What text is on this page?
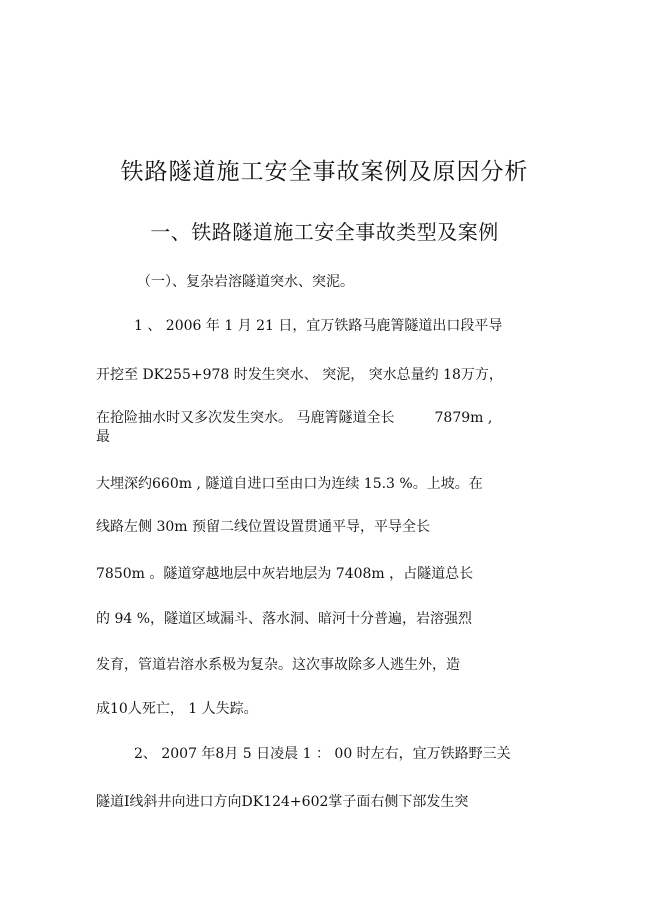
铁路隧道施工安全事故案例及原因分析
一、铁路隧道施工安全事故类型及案例
（一）、复杂岩溶隧道突水、突泥。
1 、 2006 年 1 月 21 日，宜万铁路马鹿箐隧道出口段平导
开挖至 DK255+978 时发生突水、 突泥， 突水总量约 18万方，
在抢险抽水时又多次发生突水。 马鹿箐隧道全长         7879m ,
最
大埋深约660m , 隧道自进口至由口为连续 15.3 %。上坡。在
线路左侧 30m 预留二线位置设置贯通平导，平导全长
7850m 。隧道穿越地层中灰岩地层为 7408m ，占隧道总长
的 94 %，隧道区域漏斗、落水洞、暗河十分普遍，岩溶强烈
发育，管道岩溶水系极为复杂。这次事故除多人逃生外，造
成10人死亡， 1 人失踪。
2、 2007 年8月 5 日凌晨 1 ： 00 时左右，宜万铁路野三关
隧道I线斜井向进口方向DK124+602掌子面右侧下部发生突
